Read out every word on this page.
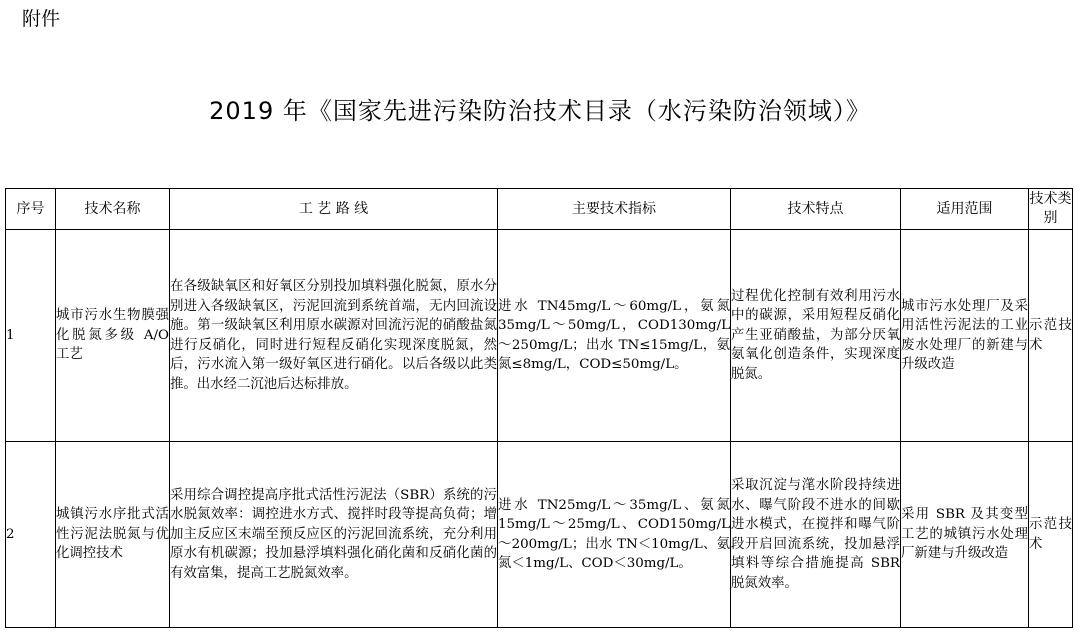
附件
2019 年《国家先进污染防治技术目录（水污染防治领域）》
序号	技术名称	工 艺 路 线	主要技术指标	技术特点	适用范围	技术类别
1	城市污水生物膜强化脱氮多级 A/O 工艺	在各级缺氧区和好氧区分别投加填料强化脱氮，原水分别进入各级缺氧区，污泥回流到系统首端，无内回流设施。第一级缺氧区利用原水碳源对回流污泥的硝酸盐氮进行反硝化，同时进行短程反硝化实现深度脱氮，然后，污水流入第一级好氧区进行硝化。以后各级以此类推。出水经二沉池后达标排放。	进水 TN45mg/L～60mg/L，氨氮 35mg/L～50mg/L，COD130mg/L～250mg/L；出水 TN≤15mg/L，氨氮≤8mg/L，COD≤50mg/L。	过程优化控制有效利用污水中的碳源，采用短程反硝化产生亚硝酸盐，为部分厌氧氨氧化创造条件，实现深度脱氮。	城市污水处理厂及采用活性污泥法的工业废水处理厂的新建与升级改造	示范技术
2	城镇污水序批式活性污泥法脱氮与优化调控技术	采用综合调控提高序批式活性污泥法（SBR）系统的污水脱氮效率：调控进水方式、搅拌时段等提高负荷；增加主反应区末端至预反应区的污泥回流系统，充分利用原水有机碳源；投加悬浮填料强化硝化菌和反硝化菌的有效富集，提高工艺脱氮效率。	进水 TN25mg/L～35mg/L、氨氮 15mg/L～25mg/L、COD150mg/L～200mg/L；出水 TN＜10mg/L、氨氮＜1mg/L、COD＜30mg/L。	采取沉淀与滗水阶段持续进水、曝气阶段不进水的间歇进水模式，在搅拌和曝气阶段开启回流系统，投加悬浮填料等综合措施提高 SBR 脱氮效率。	采用 SBR 及其变型工艺的城镇污水处理厂新建与升级改造	示范技术
